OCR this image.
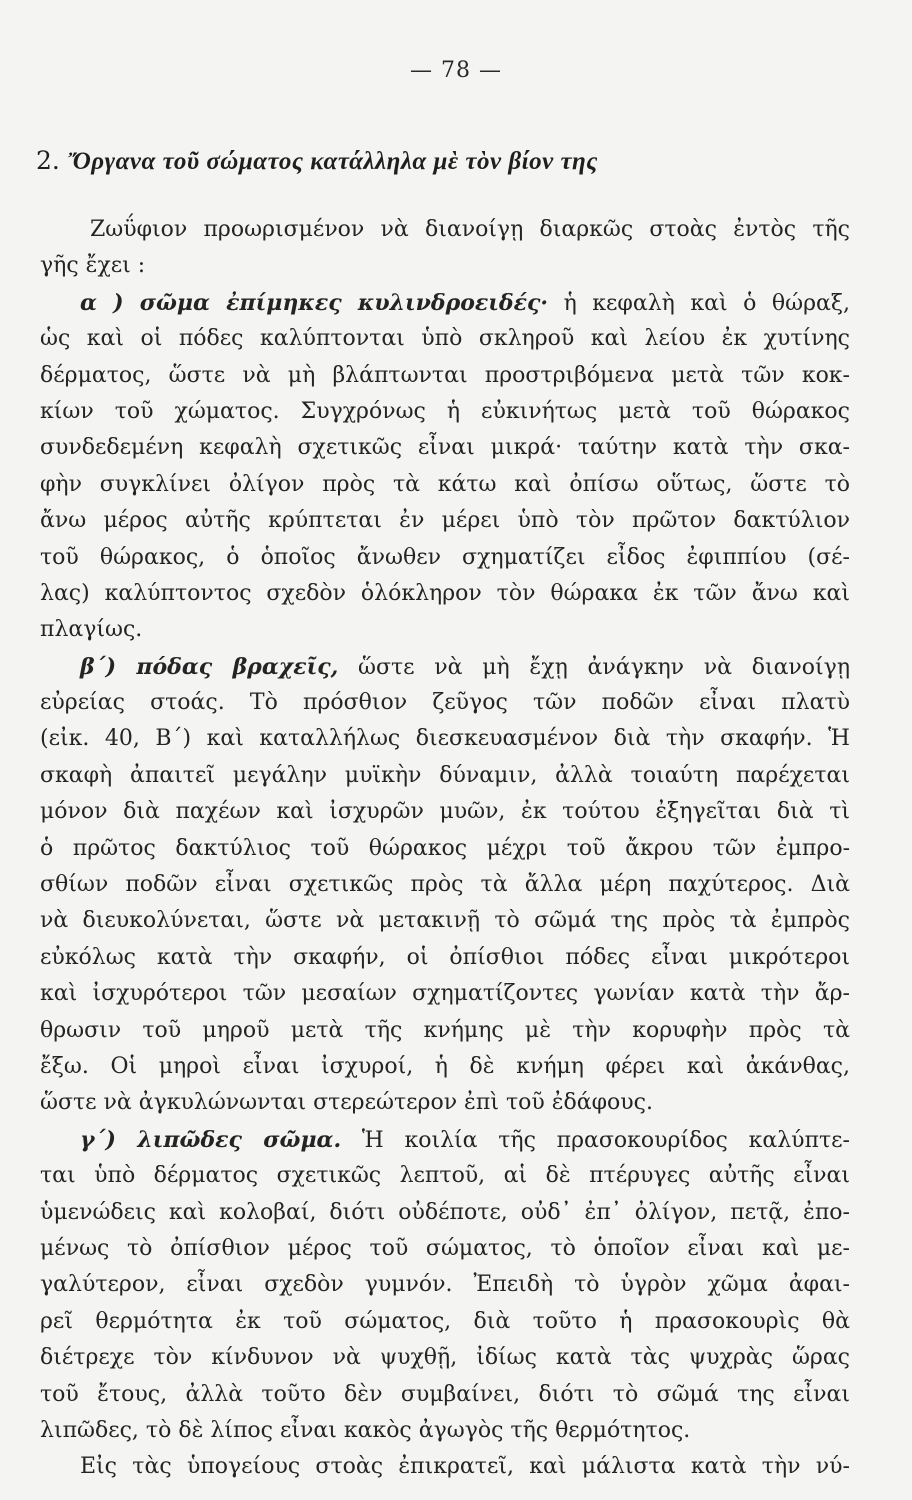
— 78 —
2. Ὄργανα τοῦ σώματος κατάλληλα μὲ τὸν βίον της
Ζωΰφιον προωρισμένον νὰ διανοίγῃ διαρκῶς στοὰς ἐντὸς τῆς
γῆς ἔχει :
α ) σῶμα ἐπίμηκες κυλινδροειδές· ἡ κεφαλὴ καὶ ὁ θώραξ,
ὡς καὶ οἱ πόδες καλύπτονται ὑπὸ σκληροῦ καὶ λείου ἐκ χυτίνης
δέρματος, ὥστε νὰ μὴ βλάπτωνται προστριβόμενα μετὰ τῶν κοκ-
κίων τοῦ χώματος. Συγχρόνως ἡ εὐκινήτως μετὰ τοῦ θώρακος
συνδεδεμένη κεφαλὴ σχετικῶς εἶναι μικρά· ταύτην κατὰ τὴν σκα-
φὴν συγκλίνει ὀλίγον πρὸς τὰ κάτω καὶ ὀπίσω οὕτως, ὥστε τὸ
ἄνω μέρος αὐτῆς κρύπτεται ἐν μέρει ὑπὸ τὸν πρῶτον δακτύλιον
τοῦ θώρακος, ὁ ὁποῖος ἄνωθεν σχηματίζει εἶδος ἐφιππίου (σέ-
λας) καλύπτοντος σχεδὸν ὁλόκληρον τὸν θώρακα ἐκ τῶν ἄνω καὶ
πλαγίως.
β΄) πόδας βραχεῖς, ὥστε νὰ μὴ ἔχῃ ἀνάγκην νὰ διανοίγῃ
εὐρείας στοάς. Τὸ πρόσθιον ζεῦγος τῶν ποδῶν εἶναι πλατὺ
(εἰκ. 40, Β΄) καὶ καταλλήλως διεσκευασμένον διὰ τὴν σκαφήν. Ἡ
σκαφὴ ἀπαιτεῖ μεγάλην μυϊκὴν δύναμιν, ἀλλὰ τοιαύτη παρέχεται
μόνον διὰ παχέων καὶ ἰσχυρῶν μυῶν, ἐκ τούτου ἐξηγεῖται διὰ τὶ
ὁ πρῶτος δακτύλιος τοῦ θώρακος μέχρι τοῦ ἄκρου τῶν ἐμπρο-
σθίων ποδῶν εἶναι σχετικῶς πρὸς τὰ ἄλλα μέρη παχύτερος. Διὰ
νὰ διευκολύνεται, ὥστε νὰ μετακινῇ τὸ σῶμά της πρὸς τὰ ἐμπρὸς
εὐκόλως κατὰ τὴν σκαφήν, οἱ ὀπίσθιοι πόδες εἶναι μικρότεροι
καὶ ἰσχυρότεροι τῶν μεσαίων σχηματίζοντες γωνίαν κατὰ τὴν ἄρ-
θρωσιν τοῦ μηροῦ μετὰ τῆς κνήμης μὲ τὴν κορυφὴν πρὸς τὰ
ἔξω. Οἱ μηροὶ εἶναι ἰσχυροί, ἡ δὲ κνήμη φέρει καὶ ἀκάνθας,
ὥστε νὰ ἀγκυλώνωνται στερεώτερον ἐπὶ τοῦ ἐδάφους.
γ΄) λιπῶδες σῶμα. Ἡ κοιλία τῆς πρασοκουρίδος καλύπτε-
ται ὑπὸ δέρματος σχετικῶς λεπτοῦ, αἱ δὲ πτέρυγες αὐτῆς εἶναι
ὑμενώδεις καὶ κολοβαί, διότι οὐδέποτε, οὐδ᾿ ἐπ᾿ ὀλίγον, πετᾷ, ἐπο-
μένως τὸ ὀπίσθιον μέρος τοῦ σώματος, τὸ ὁποῖον εἶναι καὶ με-
γαλύτερον, εἶναι σχεδὸν γυμνόν. Ἐπειδὴ τὸ ὑγρὸν χῶμα ἀφαι-
ρεῖ θερμότητα ἐκ τοῦ σώματος, διὰ τοῦτο ἡ πρασοκουρὶς θὰ
διέτρεχε τὸν κίνδυνον νὰ ψυχθῇ, ἰδίως κατὰ τὰς ψυχρὰς ὥρας
τοῦ ἔτους, ἀλλὰ τοῦτο δὲν συμβαίνει, διότι τὸ σῶμά της εἶναι
λιπῶδες, τὸ δὲ λίπος εἶναι κακὸς ἀγωγὸς τῆς θερμότητος.
Εἰς τὰς ὑπογείους στοὰς ἐπικρατεῖ, καὶ μάλιστα κατὰ τὴν νύ-
